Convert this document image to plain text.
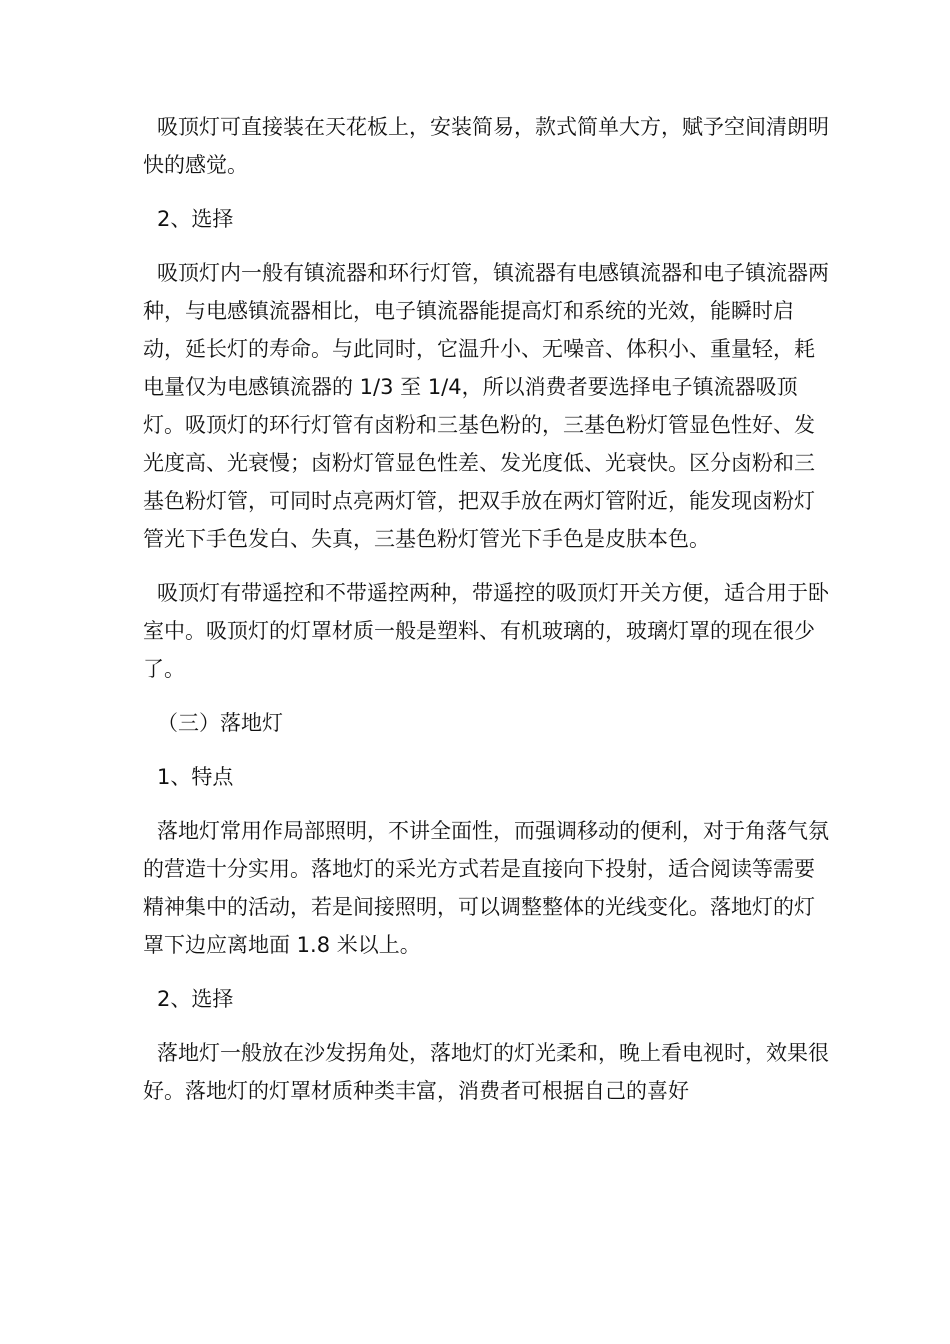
吸顶灯可直接装在天花板上，安装简易，款式简单大方，赋予空间清朗明快的感觉。

2、选择

吸顶灯内一般有镇流器和环行灯管，镇流器有电感镇流器和电子镇流器两种，与电感镇流器相比，电子镇流器能提高灯和系统的光效，能瞬时启动，延长灯的寿命。与此同时，它温升小、无噪音、体积小、重量轻，耗电量仅为电感镇流器的 1/3 至 1/4，所以消费者要选择电子镇流器吸顶灯。吸顶灯的环行灯管有卤粉和三基色粉的，三基色粉灯管显色性好、发光度高、光衰慢；卤粉灯管显色性差、发光度低、光衰快。区分卤粉和三基色粉灯管，可同时点亮两灯管，把双手放在两灯管附近，能发现卤粉灯管光下手色发白、失真，三基色粉灯管光下手色是皮肤本色。

吸顶灯有带遥控和不带遥控两种，带遥控的吸顶灯开关方便，适合用于卧室中。吸顶灯的灯罩材质一般是塑料、有机玻璃的，玻璃灯罩的现在很少了。

（三）落地灯

1、特点

落地灯常用作局部照明，不讲全面性，而强调移动的便利，对于角落气氛的营造十分实用。落地灯的采光方式若是直接向下投射，适合阅读等需要精神集中的活动，若是间接照明，可以调整整体的光线变化。落地灯的灯罩下边应离地面 1.8 米以上。

2、选择

落地灯一般放在沙发拐角处，落地灯的灯光柔和，晚上看电视时，效果很好。落地灯的灯罩材质种类丰富，消费者可根据自己的喜好
